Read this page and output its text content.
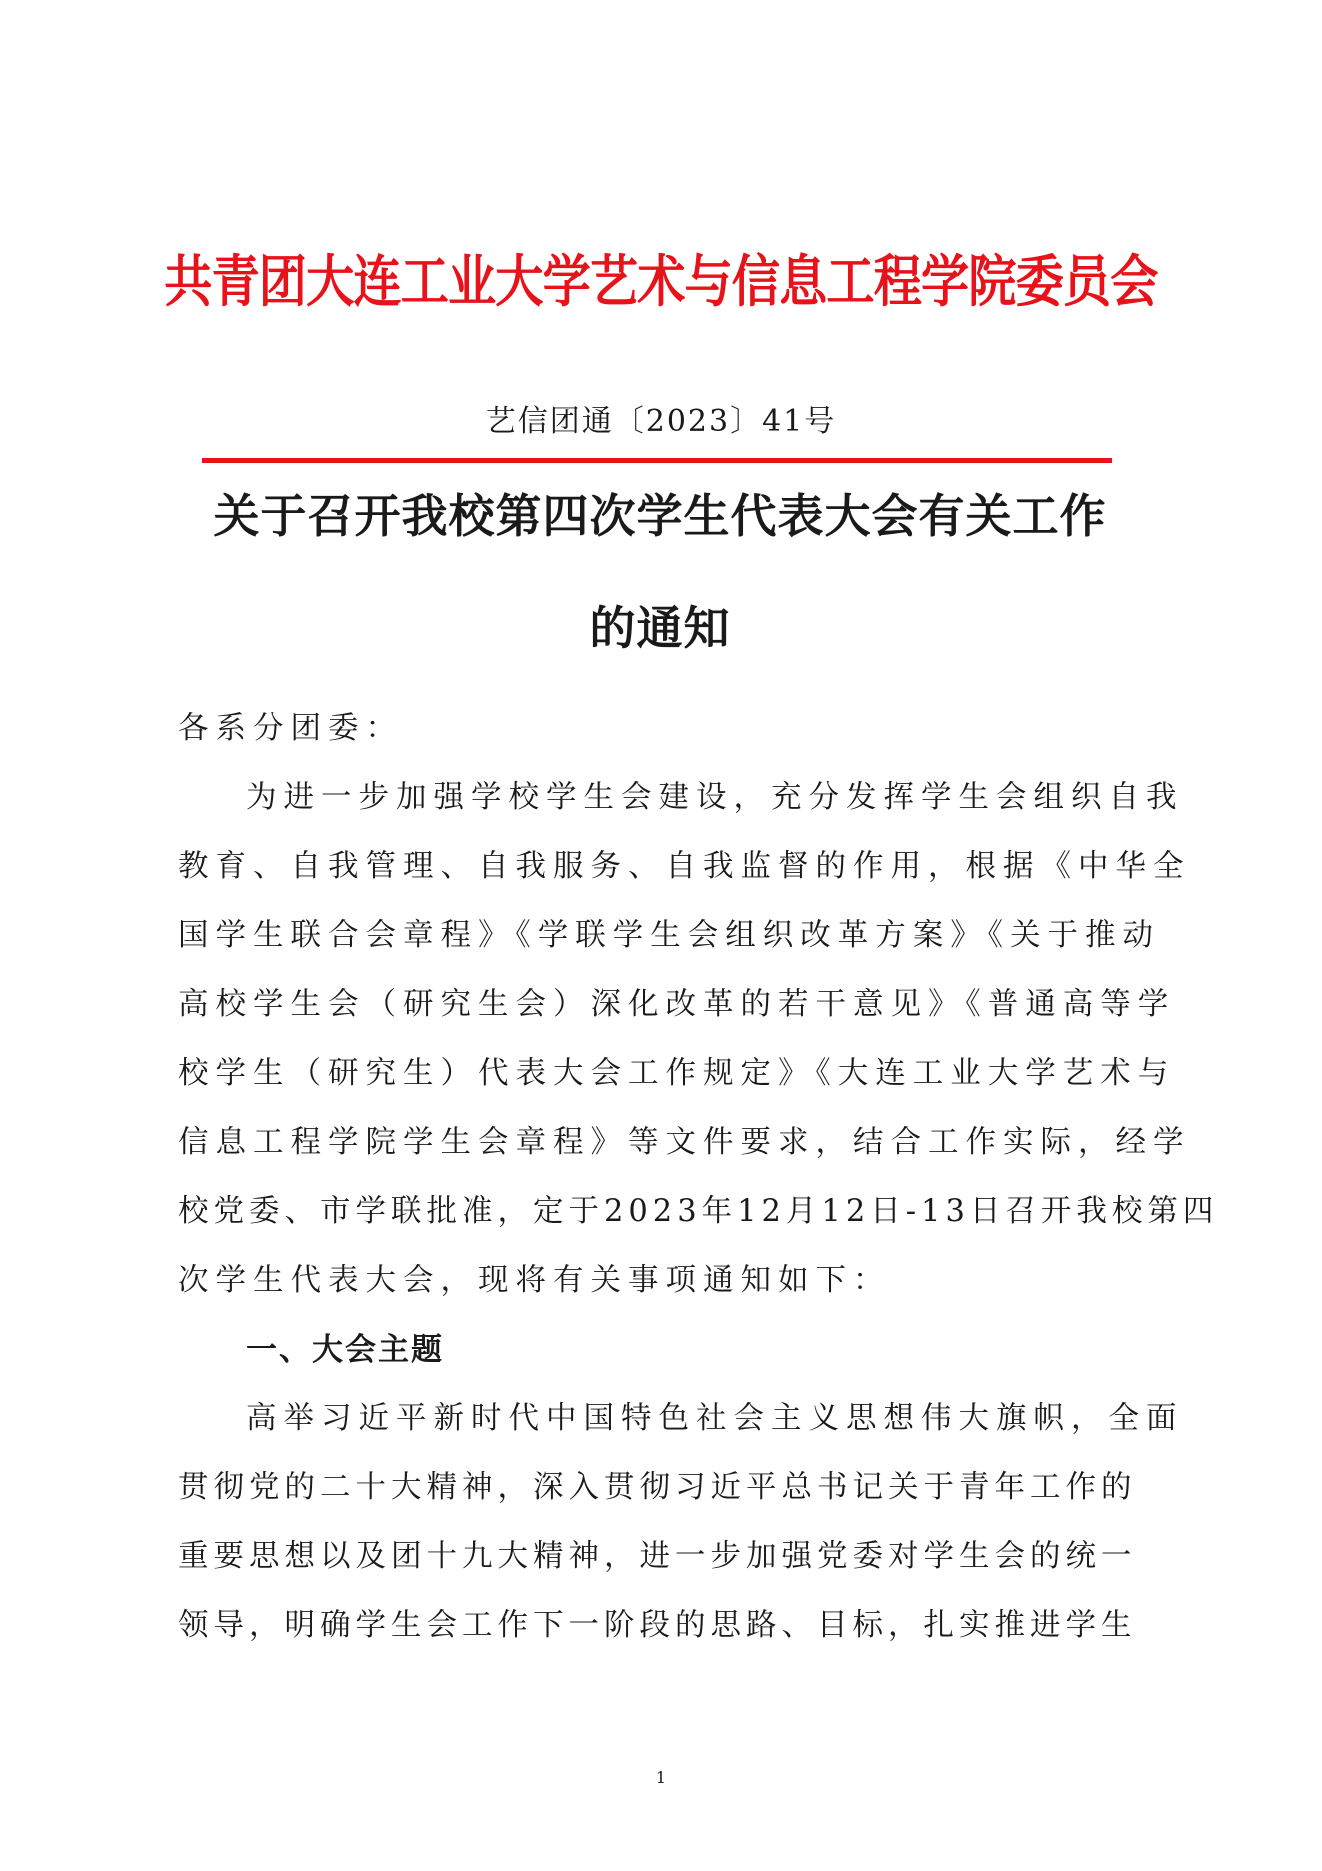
共青团大连工业大学艺术与信息工程学院委员会
艺信团通〔2023〕41号
关于召开我校第四次学生代表大会有关工作
的通知
各系分团委：
为进一步加强学校学生会建设，充分发挥学生会组织自我
教育、自我管理、自我服务、自我监督的作用，根据《中华全
国学生联合会章程》《学联学生会组织改革方案》《关于推动
高校学生会（研究生会）深化改革的若干意见》《普通高等学
校学生（研究生）代表大会工作规定》《大连工业大学艺术与
信息工程学院学生会章程》等文件要求，结合工作实际，经学
校党委、市学联批准，定于2023年12月12日-13日召开我校第四
次学生代表大会，现将有关事项通知如下：
一、大会主题
高举习近平新时代中国特色社会主义思想伟大旗帜，全面
贯彻党的二十大精神，深入贯彻习近平总书记关于青年工作的
重要思想以及团十九大精神，进一步加强党委对学生会的统一
领导，明确学生会工作下一阶段的思路、目标，扎实推进学生
1
